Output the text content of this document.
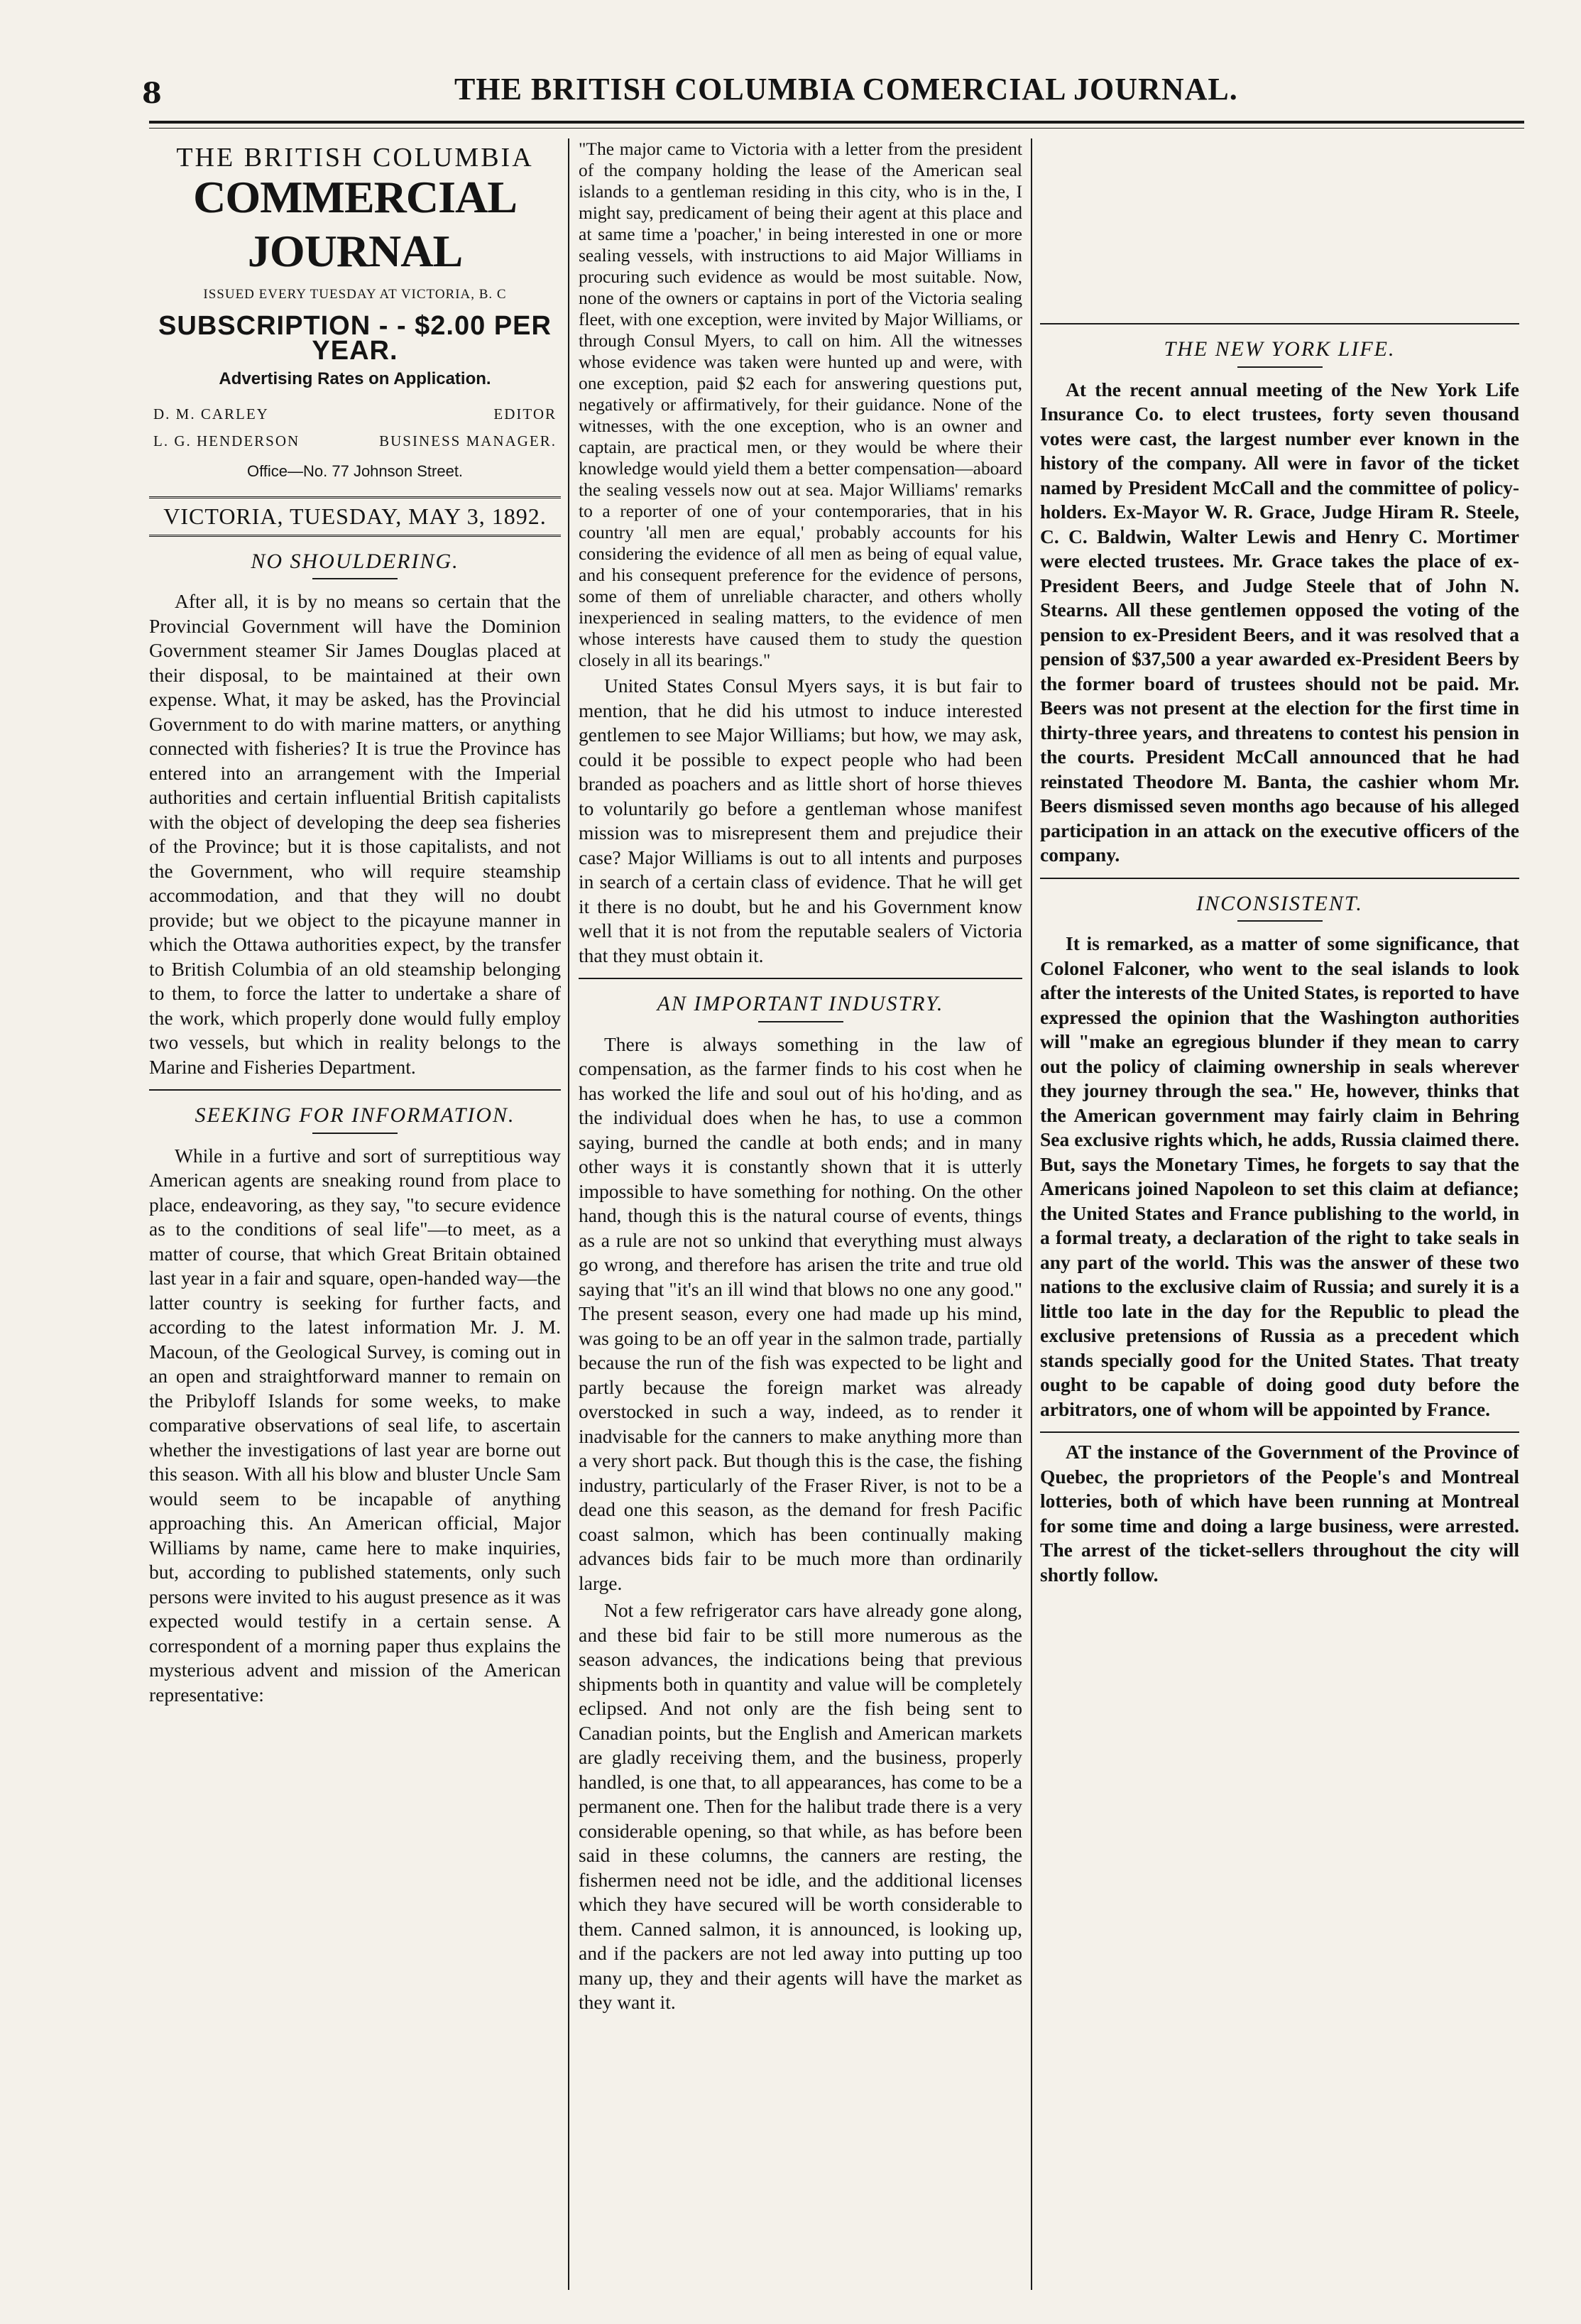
8	THE BRITISH COLUMBIA COMERCIAL JOURNAL.
THE BRITISH COLUMBIA
COMMERCIAL JOURNAL
ISSUED EVERY TUESDAY AT VICTORIA, B. C
SUBSCRIPTION - - $2.00 PER YEAR.
Advertising Rates on Application.
D. M. CARLEY	EDITOR
L. G. HENDERSON	BUSINESS MANAGER.
Office—No. 77 Johnson Street.
VICTORIA, TUESDAY, MAY 3, 1892.
NO SHOULDERING.

After all, it is by no means so certain that the Provincial Government will have the Dominion Government steamer Sir James Douglas placed at their disposal, to be maintained at their own expense. What, it may be asked, has the Provincial Government to do with marine matters, or anything connected with fisheries? It is true the Province has entered into an arrangement with the Imperial authorities and certain influential British capitalists with the object of developing the deep sea fisheries of the Province; but it is those capitalists, and not the Government, who will require steamship accommodation, and that they will no doubt provide; but we object to the picayune manner in which the Ottawa authorities expect, by the transfer to British Columbia of an old steamship belonging to them, to force the latter to undertake a share of the work, which properly done would fully employ two vessels, but which in reality belongs to the Marine and Fisheries Department.

SEEKING FOR INFORMATION.

While in a furtive and sort of surreptitious way American agents are sneaking round from place to place, endeavoring, as they say, "to secure evidence as to the conditions of seal life"—to meet, as a matter of course, that which Great Britain obtained last year in a fair and square, open-handed way—the latter country is seeking for further facts, and according to the latest information Mr. J. M. Macoun, of the Geological Survey, is coming out in an open and straightforward manner to remain on the Pribyloff Islands for some weeks, to make comparative observations of seal life, to ascertain whether the investigations of last year are borne out this season. With all his blow and bluster Uncle Sam would seem to be incapable of anything approaching this. An American official, Major Williams by name, came here to make inquiries, but, according to published statements, only such persons were invited to his august presence as it was expected would testify in a certain sense. A correspondent of a morning paper thus explains the mysterious advent and mission of the American representative:

"The major came to Victoria with a letter from the president of the company holding the lease of the American seal islands to a gentleman residing in this city, who is in the, I might say, predicament of being their agent at this place and at same time a 'poacher,' in being interested in one or more sealing vessels, with instructions to aid Major Williams in procuring such evidence as would be most suitable. Now, none of the owners or captains in port of the Victoria sealing fleet, with one exception, were invited by Major Williams, or through Consul Myers, to call on him. All the witnesses whose evidence was taken were hunted up and were, with one exception, paid $2 each for answering questions put, negatively or affirmatively, for their guidance. None of the witnesses, with the one exception, who is an owner and captain, are practical men, or they would be where their knowledge would yield them a better compensation—aboard the sealing vessels now out at sea. Major Williams' remarks to a reporter of one of your contemporaries, that in his country 'all men are equal,' probably accounts for his considering the evidence of all men as being of equal value, and his consequent preference for the evidence of persons, some of them of unreliable character, and others wholly inexperienced in sealing matters, to the evidence of men whose interests have caused them to study the question closely in all its bearings."

United States Consul Myers says, it is but fair to mention, that he did his utmost to induce interested gentlemen to see Major Williams; but how, we may ask, could it be possible to expect people who had been branded as poachers and as little short of horse thieves to voluntarily go before a gentleman whose manifest mission was to misrepresent them and prejudice their case? Major Williams is out to all intents and purposes in search of a certain class of evidence. That he will get it there is no doubt, but he and his Government know well that it is not from the reputable sealers of Victoria that they must obtain it.

AN IMPORTANT INDUSTRY.

There is always something in the law of compensation, as the farmer finds to his cost when he has worked the life and soul out of his ho'ding, and as the individual does when he has, to use a common saying, burned the candle at both ends; and in many other ways it is constantly shown that it is utterly impossible to have something for nothing. On the other hand, though this is the natural course of events, things as a rule are not so unkind that everything must always go wrong, and therefore has arisen the trite and true old saying that "it's an ill wind that blows no one any good." The present season, every one had made up his mind, was going to be an off year in the salmon trade, partially because the run of the fish was expected to be light and partly because the foreign market was already overstocked in such a way, indeed, as to render it inadvisable for the canners to make anything more than a very short pack. But though this is the case, the fishing industry, particularly of the Fraser River, is not to be a dead one this season, as the demand for fresh Pacific coast salmon, which has been continually making advances bids fair to be much more than ordinarily large.

Not a few refrigerator cars have already gone along, and these bid fair to be still more numerous as the season advances, the indications being that previous shipments both in quantity and value will be completely eclipsed. And not only are the fish being sent to Canadian points, but the English and American markets are gladly receiving them, and the business, properly handled, is one that, to all appearances, has come to be a permanent one. Then for the halibut trade there is a very considerable opening, so that while, as has before been said in these columns, the canners are resting, the fishermen need not be idle, and the additional licenses which they have secured will be worth considerable to them. Canned salmon, it is announced, is looking up, and if the packers are not led away into putting up too many up, they and their agents will have the market as they want it.

THE NEW YORK LIFE.

At the recent annual meeting of the New York Life Insurance Co. to elect trustees, forty seven thousand votes were cast, the largest number ever known in the history of the company. All were in favor of the ticket named by President McCall and the committee of policy-holders. Ex-Mayor W. R. Grace, Judge Hiram R. Steele, C. C. Baldwin, Walter Lewis and Henry C. Mortimer were elected trustees. Mr. Grace takes the place of ex-President Beers, and Judge Steele that of John N. Stearns. All these gentlemen opposed the voting of the pension to ex-President Beers, and it was resolved that a pension of $37,500 a year awarded ex-President Beers by the former board of trustees should not be paid. Mr. Beers was not present at the election for the first time in thirty-three years, and threatens to contest his pension in the courts. President McCall announced that he had reinstated Theodore M. Banta, the cashier whom Mr. Beers dismissed seven months ago because of his alleged participation in an attack on the executive officers of the company.

INCONSISTENT.

It is remarked, as a matter of some significance, that Colonel Falconer, who went to the seal islands to look after the interests of the United States, is reported to have expressed the opinion that the Washington authorities will "make an egregious blunder if they mean to carry out the policy of claiming ownership in seals wherever they journey through the sea." He, however, thinks that the American government may fairly claim in Behring Sea exclusive rights which, he adds, Russia claimed there. But, says the Monetary Times, he forgets to say that the Americans joined Napoleon to set this claim at defiance; the United States and France publishing to the world, in a formal treaty, a declaration of the right to take seals in any part of the world. This was the answer of these two nations to the exclusive claim of Russia; and surely it is a little too late in the day for the Republic to plead the exclusive pretensions of Russia as a precedent which stands specially good for the United States. That treaty ought to be capable of doing good duty before the arbitrators, one of whom will be appointed by France.

AT the instance of the Government of the Province of Quebec, the proprietors of the People's and Montreal lotteries, both of which have been running at Montreal for some time and doing a large business, were arrested. The arrest of the ticket-sellers throughout the city will shortly follow.
